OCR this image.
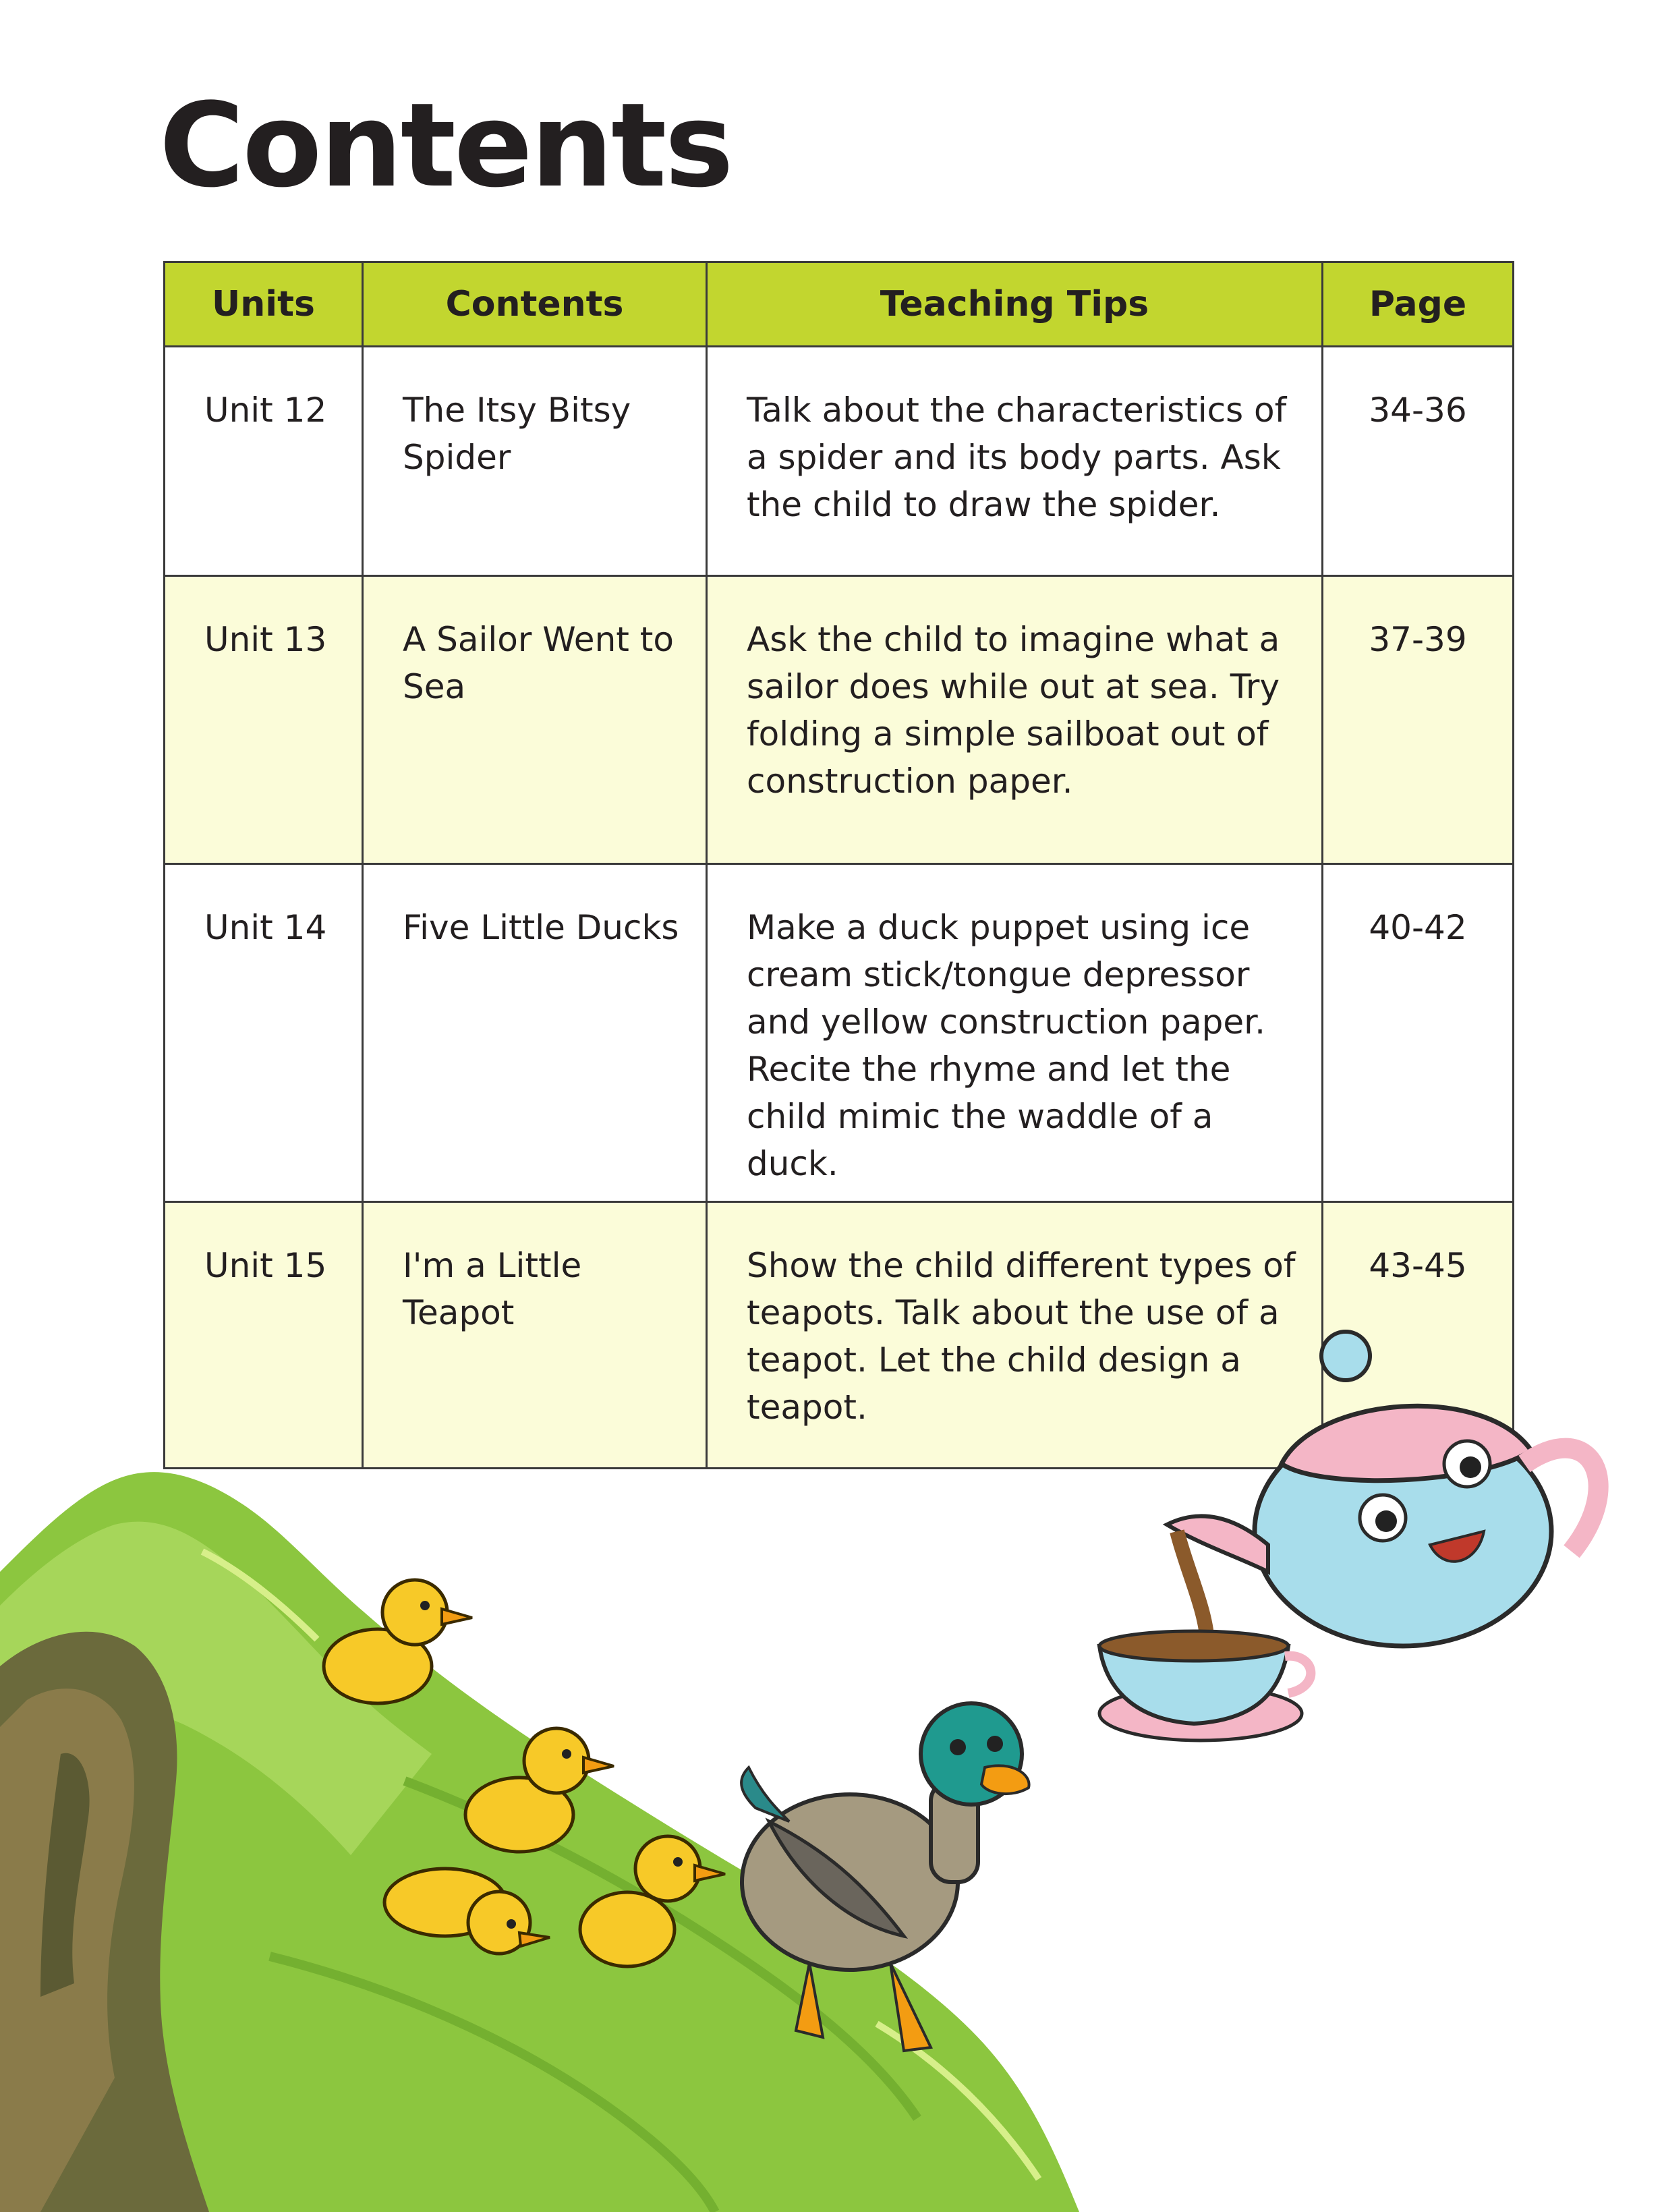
Contents
Units	Contents	Teaching Tips	Page
Unit 12	The Itsy Bitsy Spider	Talk about the characteristics of a spider and its body parts. Ask the child to draw the spider.	34-36
Unit 13	A Sailor Went to Sea	Ask the child to imagine what a sailor does while out at sea. Try folding a simple sailboat out of construction paper.	37-39
Unit 14	Five Little Ducks	Make a duck puppet using ice cream stick/tongue depressor and yellow construction paper. Recite the rhyme and let the child mimic the waddle of a duck.	40-42
Unit 15	I'm a Little Teapot	Show the child different types of teapots. Talk about the use of a teapot. Let the child design a teapot.	43-45
